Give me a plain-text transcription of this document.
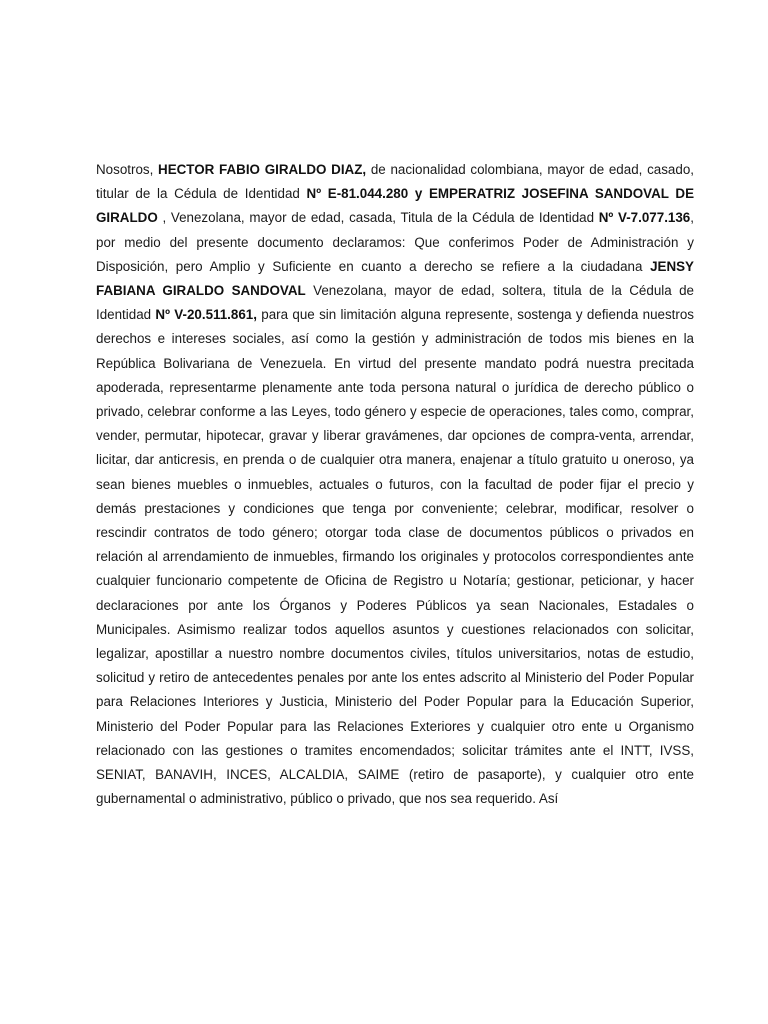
Nosotros, HECTOR FABIO GIRALDO DIAZ, de nacionalidad colombiana, mayor de edad, casado, titular de la Cédula de Identidad Nº E-81.044.280 y EMPERATRIZ JOSEFINA SANDOVAL DE GIRALDO , Venezolana, mayor de edad, casada, Titula de la Cédula de Identidad Nº V-7.077.136, por medio del presente documento declaramos: Que conferimos Poder de Administración y Disposición, pero Amplio y Suficiente en cuanto a derecho se refiere a la ciudadana JENSY FABIANA GIRALDO SANDOVAL Venezolana, mayor de edad, soltera, titula de la Cédula de Identidad Nº V-20.511.861, para que sin limitación alguna represente, sostenga y defienda nuestros derechos e intereses sociales, así como la gestión y administración de todos mis bienes en la República Bolivariana de Venezuela. En virtud del presente mandato podrá nuestra precitada apoderada, representarme plenamente ante toda persona natural o jurídica de derecho público o privado, celebrar conforme a las Leyes, todo género y especie de operaciones, tales como, comprar, vender, permutar, hipotecar, gravar y liberar gravámenes, dar opciones de compra-venta, arrendar, licitar, dar anticresis, en prenda o de cualquier otra manera, enajenar a título gratuito u oneroso, ya sean bienes muebles o inmuebles, actuales o futuros, con la facultad de poder fijar el precio y demás prestaciones y condiciones que tenga por conveniente; celebrar, modificar, resolver o rescindir contratos de todo género; otorgar toda clase de documentos públicos o privados en relación al arrendamiento de inmuebles, firmando los originales y protocolos correspondientes ante cualquier funcionario competente de Oficina de Registro u Notaría; gestionar, peticionar, y hacer declaraciones por ante los Órganos y Poderes Públicos ya sean Nacionales, Estadales o Municipales. Asimismo realizar todos aquellos asuntos y cuestiones relacionados con solicitar, legalizar, apostillar a nuestro nombre documentos civiles, títulos universitarios, notas de estudio, solicitud y retiro de antecedentes penales por ante los entes adscrito al Ministerio del Poder Popular para Relaciones Interiores y Justicia, Ministerio del Poder Popular para la Educación Superior, Ministerio del Poder Popular para las Relaciones Exteriores y cualquier otro ente u Organismo relacionado con las gestiones o tramites encomendados; solicitar trámites ante el INTT, IVSS, SENIAT, BANAVIH, INCES, ALCALDIA, SAIME (retiro de pasaporte), y cualquier otro ente gubernamental o administrativo, público o privado, que nos sea requerido. Así
